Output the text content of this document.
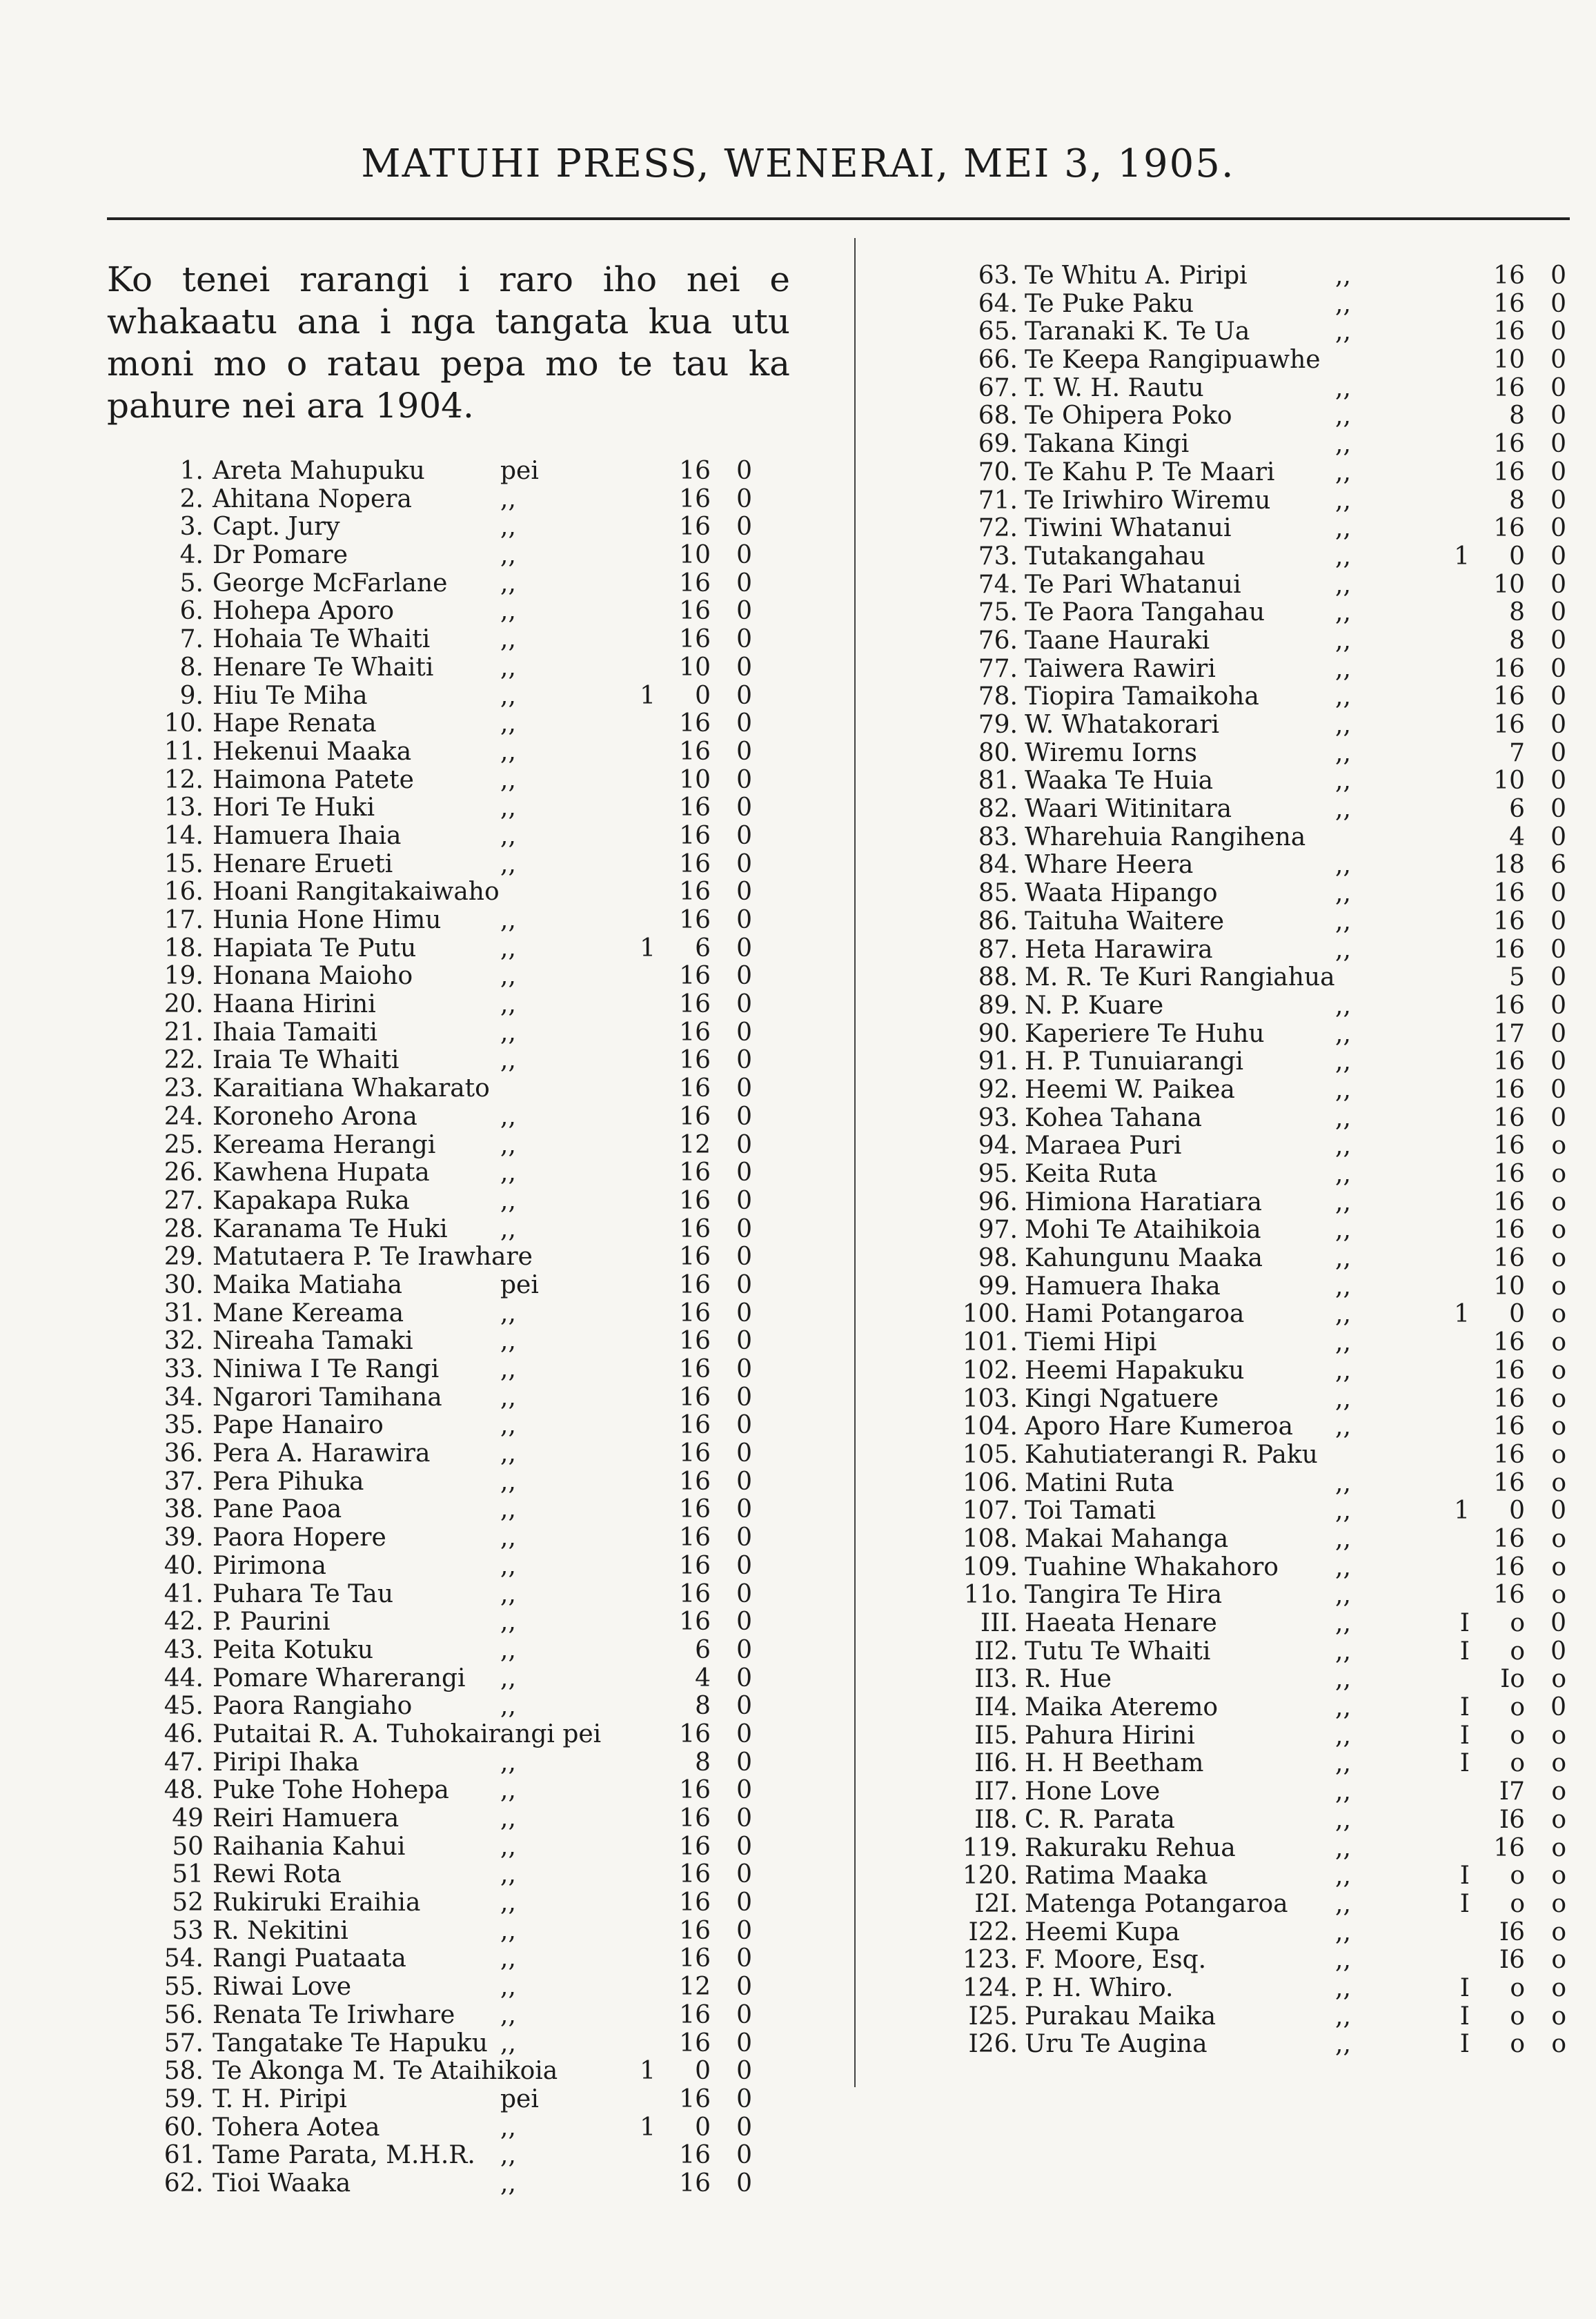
MATUHI PRESS, WENERAI, MEI 3, 1905.
Ko tenei rarangi i raro iho nei e whakaatu ana i nga tangata kua utu moni mo o ratau pepa mo te tau ka pahure nei ara 1904.
1. Areta Mahupuku	pei	16	0
2. Ahitana Nopera	,,	16	0
3. Capt. Jury	,,	16	0
4. Dr Pomare	,,	10	0
5. George McFarlane ,,	16	0
6. Hohepa Aporo	,,	16	0
7. Hohaia Te Whaiti	,,	16	0
8. Henare Te Whaiti	,,	10	0
9. Hiu Te Miha	,,	1	0	0
10. Hape Renata	,,	16	0
11. Hekenui Maaka	,,	16	0
12. Haimona Patete	,,	10	0
13. Hori Te Huki	,,	16	0
14. Hamuera Ihaia	,,	16	0
15. Henare Erueti	,,	16	0
16. Hoani Rangitakaiwaho	16	0
17. Hunia Hone Himu ,,	16	0
18. Hapiata Te Putu	,,	1	6	0
19. Honana Maioho	,,	16	0
20. Haana Hirini	,,	16	0
21. Ihaia Tamaiti	,,	16	0
22. Iraia Te Whaiti	,,	16	0
23. Karaitiana Whakarato	16	0
24. Koroneho Arona	,,	16	0
25. Kereama Herangi	,,	12	0
26. Kawhena Hupata	,,	16	0
27. Kapakapa Ruka	,,	16	0
28. Karanama Te Huki ,,	16	0
29. Matutaera P. Te Irawhare	16	0
30. Maika Matiaha	pei	16	0
31. Mane Kereama	,,	16	0
32. Nireaha Tamaki	,,	16	0
33. Niniwa I Te Rangi ,,	16	0
34. Ngarori Tamihana ,,	16	0
35. Pape Hanairo	,,	16	0
36. Pera A. Harawira	,,	16	0
37. Pera Pihuka	,,	16	0
38. Pane Paoa	,,	16	0
39. Paora Hopere	,,	16	0
40. Pirimona	,,	16	0
41. Puhara Te Tau	,,	16	0
42. P. Paurini	,,	16	0
43. Peita Kotuku	,,	6	0
44. Pomare Wharerangi ,,	4	0
45. Paora Rangiaho	,,	8	0
46. Putaitai R. A. Tuhokairangi pei	16	0
47. Piripi Ihaka	,,	8	0
48. Puke Tohe Hohepa ,,	16	0
49 Reiri Hamuera	,,	16	0
50 Raihania Kahui	,,	16	0
51 Rewi Rota	,,	16	0
52 Rukiruki Eraihia	,,	16	0
53 R. Nekitini	,,	16	0
54. Rangi Puataata	,,	16	0
55. Riwai Love	,,	12	0
56. Renata Te Iriwhare ,,	16	0
57. Tangatake Te Hapuku ,,	16	0
58. Te Akonga M. Te Ataihikoia	1	0	0
59. T. H. Piripi	pei	16	0
60. Tohera Aotea	,,	1	0	0
61. Tame Parata, M.H.R. ,,	16	0
62. Tioi Waaka	,,	16	0
63. Te Whitu A. Piripi	,,	16	0
64. Te Puke Paku	,,	16	0
65. Taranaki K. Te Ua	,,	16	0
66. Te Keepa Rangipuawhe	10	0
67. T. W. H. Rautu	,,	16	0
68. Te Ohipera Poko	,,	8	0
69. Takana Kingi	,,	16	0
70. Te Kahu P. Te Maari ,,	16	0
71. Te Iriwhiro Wiremu	,,	8	0
72. Tiwini Whatanui	,,	16	0
73. Tutakangahau	,,	1	0	0
74. Te Pari Whatanui	,,	10	0
75. Te Paora Tangahau	,,	8	0
76. Taane Hauraki	,,	8	0
77. Taiwera Rawiri	,,	16	0
78. Tiopira Tamaikoha	,,	16	0
79. W. Whatakorari	,,	16	0
80. Wiremu Iorns	,,	7	0
81. Waaka Te Huia	,,	10	0
82. Waari Witinitara	,,	6	0
83. Wharehuia Rangihena	4	0
84. Whare Heera	,,	18	6
85. Waata Hipango	,,	16	0
86. Taituha Waitere	,,	16	0
87. Heta Harawira	,,	16	0
88. M. R. Te Kuri Rangiahua	5	0
89. N. P. Kuare	,,	16	0
90. Kaperiere Te Huhu	,,	17	0
91. H. P. Tunuiarangi	,,	16	0
92. Heemi W. Paikea	,,	16	0
93. Kohea Tahana	,,	16	0
94. Maraea Puri	,,	16	o
95. Keita Ruta	,,	16	o
96. Himiona Haratiara	,,	16	o
97. Mohi Te Ataihikoia	,,	16	o
98. Kahungunu Maaka	,,	16	o
99. Hamuera Ihaka	,,	10	o
100. Hami Potangaroa	,,	1	0	o
101. Tiemi Hipi	,,	16	o
102. Heemi Hapakuku	,,	16	o
103. Kingi Ngatuere	,,	16	o
104. Aporo Hare Kumeroa ,,	16	o
105. Kahutiaterangi R. Paku	16	o
106. Matini Ruta	,,	16	o
107. Toi Tamati	,,	1	0	0
108. Makai Mahanga	,,	16	o
109. Tuahine Whakahoro ,,	16	o
11o. Tangira Te Hira	,,	16	o
III. Haeata Henare	,,	I	o	0
II2. Tutu Te Whaiti	,,	I	o	0
II3. R. Hue	,,	Io	o
II4. Maika Ateremo	,,	I	o	0
II5. Pahura Hirini	,,	I	o	o
II6. H. H Beetham	,,	I	o	o
II7. Hone Love	,,	I7	o
II8. C. R. Parata	,,	I6	o
119. Rakuraku Rehua	,,	16	o
120. Ratima Maaka	,,	I	o	o
I2I. Matenga Potangaroa ,,	I	o	o
I22. Heemi Kupa	,,	I6	o
123. F. Moore, Esq.	,,	I6	o
124. P. H. Whiro.	,,	I	o	o
I25. Purakau Maika	,,	I	o	o
I26. Uru Te Augina	,,	I	o	o
